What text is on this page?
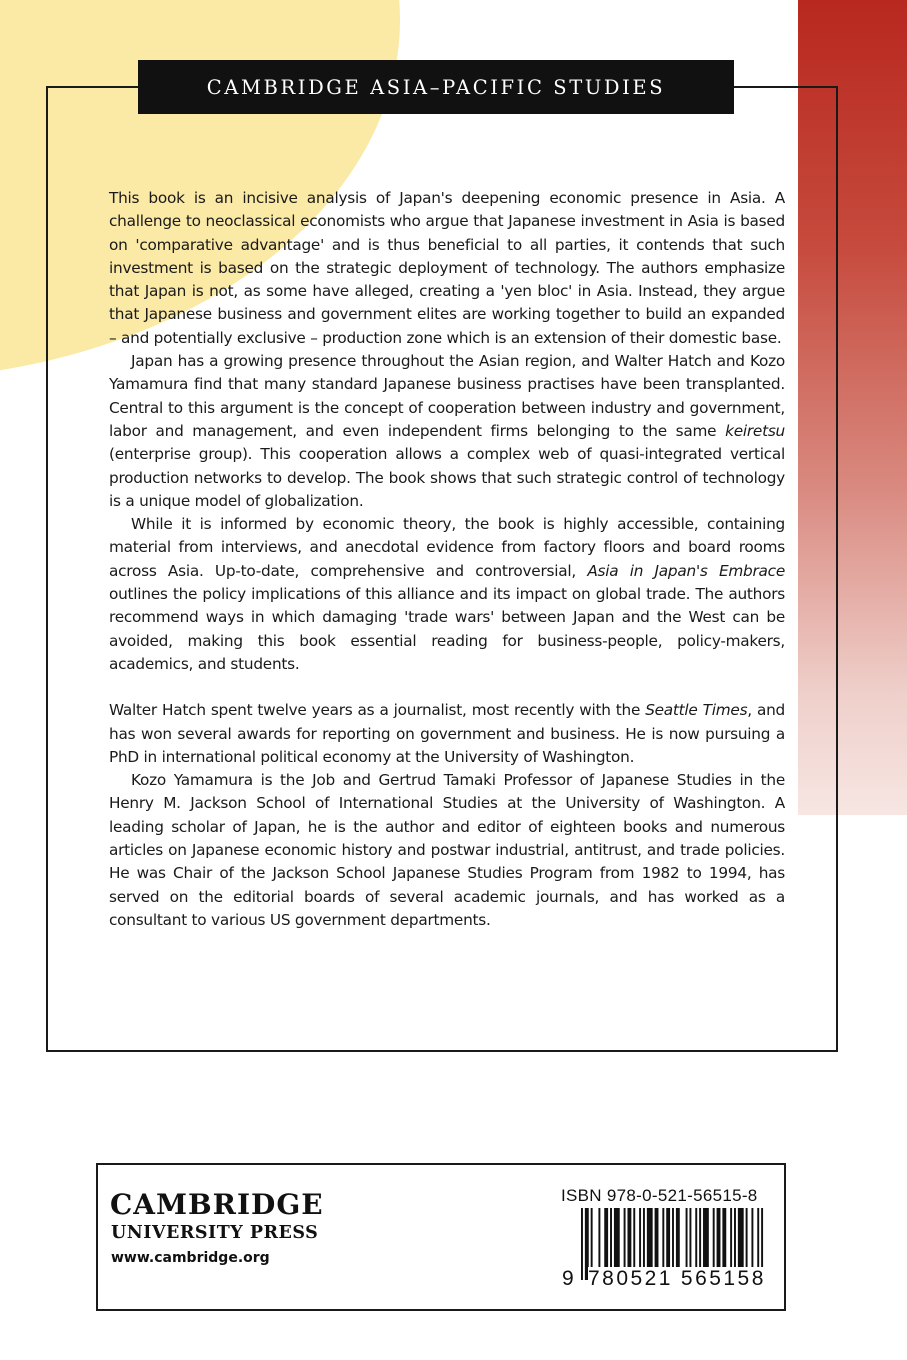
CAMBRIDGE ASIA–PACIFIC STUDIES

This book is an incisive analysis of Japan's deepening economic presence in Asia. A challenge to neoclassical economists who argue that Japanese investment in Asia is based on 'comparative advantage' and is thus beneficial to all parties, it contends that such investment is based on the strategic deployment of technology. The authors emphasize that Japan is not, as some have alleged, creating a 'yen bloc' in Asia. Instead, they argue that Japanese business and government elites are working together to build an expanded – and potentially exclusive – production zone which is an extension of their domestic base.

Japan has a growing presence throughout the Asian region, and Walter Hatch and Kozo Yamamura find that many standard Japanese business practises have been transplanted. Central to this argument is the concept of cooperation between industry and government, labor and management, and even independent firms belonging to the same keiretsu (enterprise group). This cooperation allows a complex web of quasi-integrated vertical production networks to develop. The book shows that such strategic control of technology is a unique model of globalization.

While it is informed by economic theory, the book is highly accessible, containing material from interviews, and anecdotal evidence from factory floors and board rooms across Asia. Up-to-date, comprehensive and controversial, Asia in Japan's Embrace outlines the policy implications of this alliance and its impact on global trade. The authors recommend ways in which damaging 'trade wars' between Japan and the West can be avoided, making this book essential reading for business-people, policy-makers, academics, and students.

Walter Hatch spent twelve years as a journalist, most recently with the Seattle Times, and has won several awards for reporting on government and business. He is now pursuing a PhD in international political economy at the University of Washington.

Kozo Yamamura is the Job and Gertrud Tamaki Professor of Japanese Studies in the Henry M. Jackson School of International Studies at the University of Washington. A leading scholar of Japan, he is the author and editor of eighteen books and numerous articles on Japanese economic history and postwar industrial, antitrust, and trade policies. He was Chair of the Jackson School Japanese Studies Program from 1982 to 1994, has served on the editorial boards of several academic journals, and has worked as a consultant to various US government departments.

CAMBRIDGE
UNIVERSITY PRESS
www.cambridge.org
ISBN 978-0-521-56515-8
9 7 8 0 5 2 1 5 6 5 1 5 8
